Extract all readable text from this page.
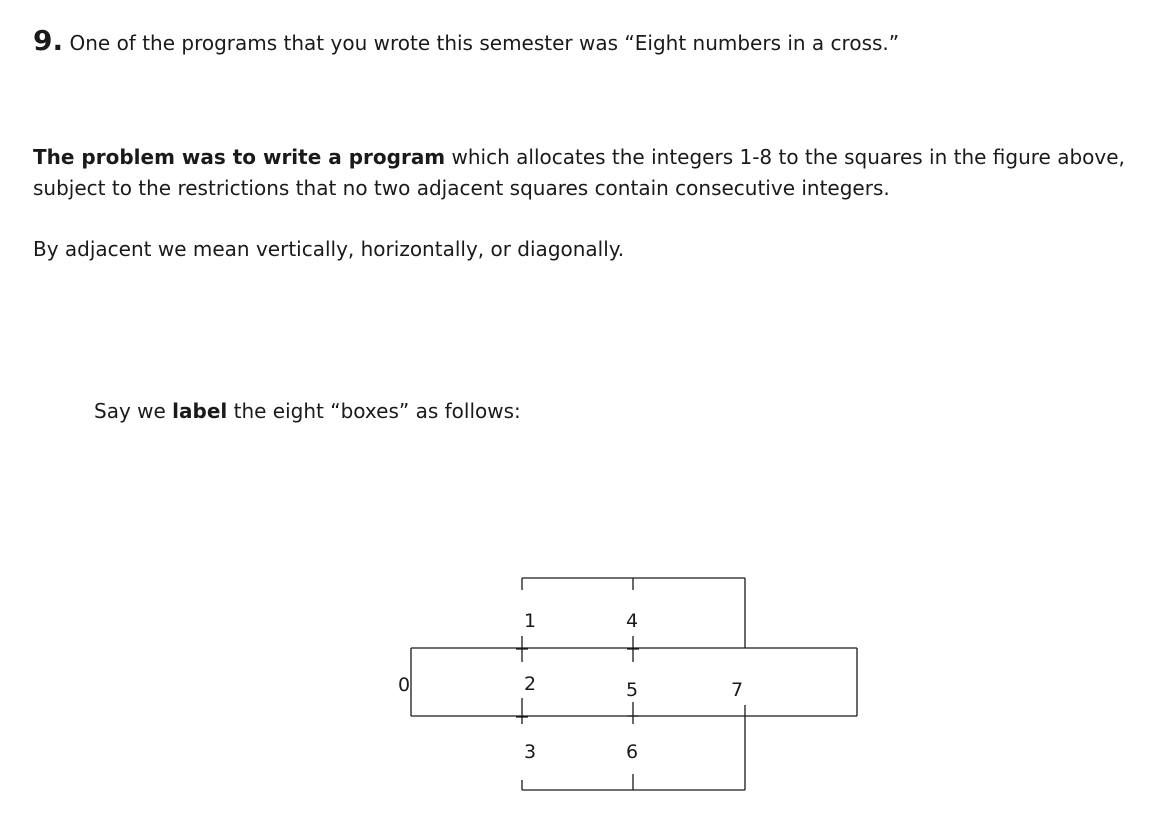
9. One of the programs that you wrote this semester was “Eight numbers in a cross.”
The problem was to write a program which allocates the integers 1-8 to the squares in the figure above,
subject to the restrictions that no two adjacent squares contain consecutive integers.
By adjacent we mean vertically, horizontally, or diagonally.
Say we label the eight “boxes” as follows:
0
1
2
3
4
5
6
7
